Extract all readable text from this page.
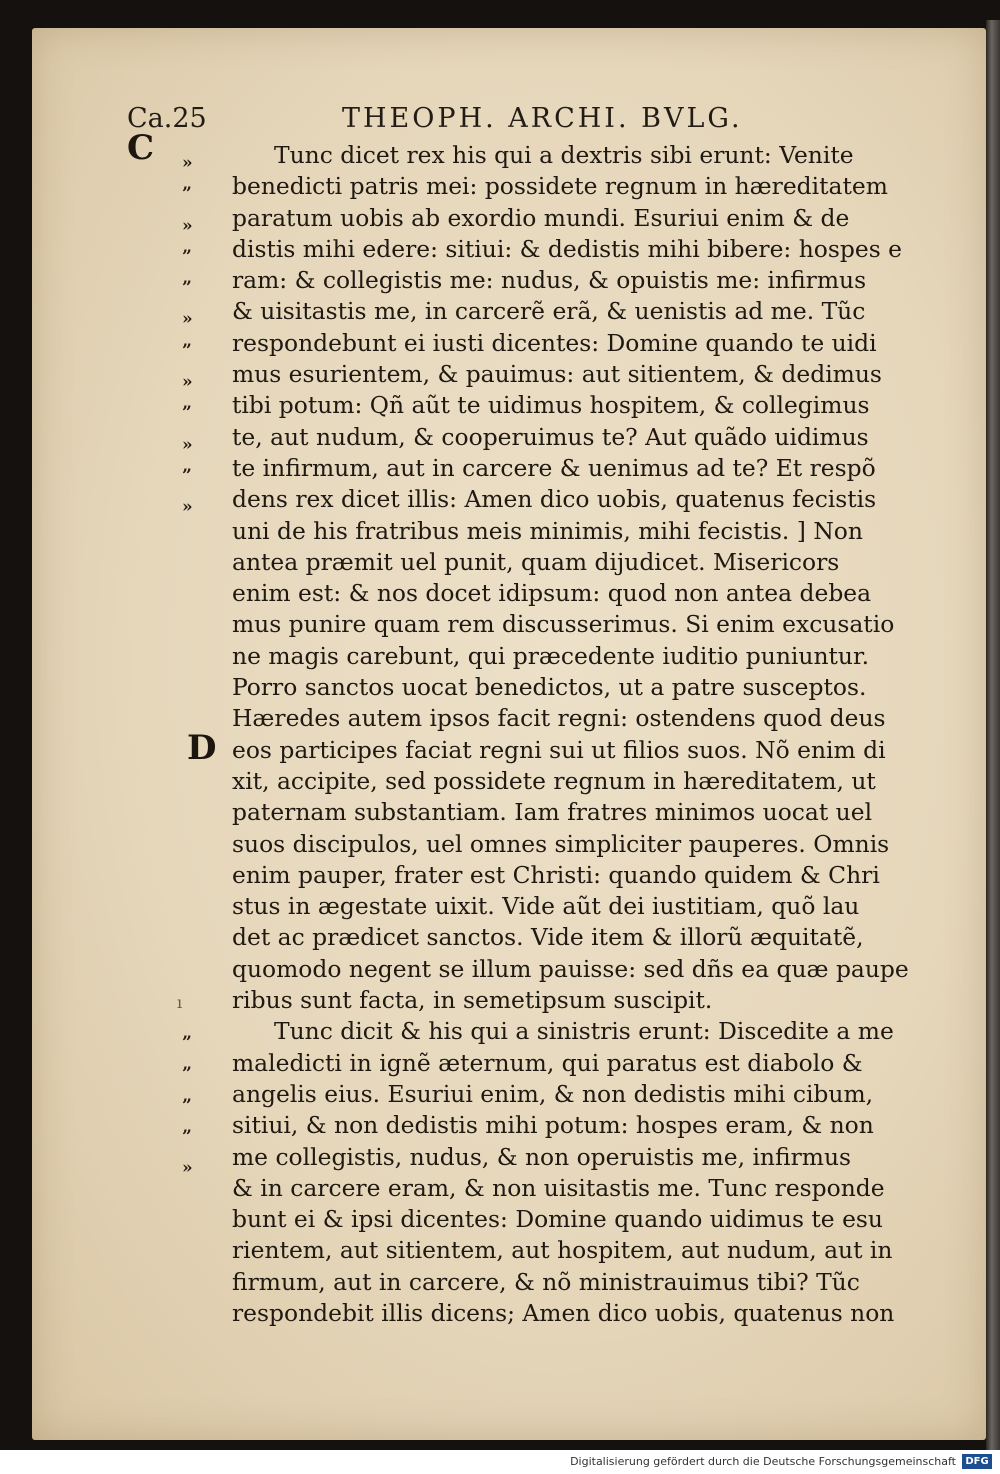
Ca.25	THEOPH. ARCHI. BVLG.
C
D
»
”
»
”
”
»
”
»
”
»
”
»
ı
”
”
”
”
»
Tunc dicet rex his qui a dextris sibi erunt: Venite
benedicti patris mei: possidete regnum in hæreditatem
paratum uobis ab exordio mundi. Esuriui enim & de
distis mihi edere: sitiui: & dedistis mihi bibere: hospes e
ram: & collegistis me: nudus, & opuistis me: infirmus
& uisitastis me, in carcerẽ erã, & uenistis ad me. Tũc
respondebunt ei iusti dicentes: Domine quando te uidi
mus esurientem, & pauimus: aut sitientem, & dedimus
tibi potum: Qñ aũt te uidimus hospitem, & collegimus
te, aut nudum, & cooperuimus te? Aut quãdo uidimus
te infirmum, aut in carcere & uenimus ad te? Et respõ
dens rex dicet illis: Amen dico uobis, quatenus fecistis
uni de his fratribus meis minimis, mihi fecistis. ] Non
antea præmit uel punit, quam dijudicet. Misericors
enim est: & nos docet idipsum: quod non antea debea
mus punire quam rem discusserimus. Si enim excusatio
ne magis carebunt, qui præcedente iuditio puniuntur.
Porro sanctos uocat benedictos, ut a patre susceptos.
Hæredes autem ipsos facit regni: ostendens quod deus
eos participes faciat regni sui ut filios suos. Nõ enim di
xit, accipite, sed possidete regnum in hæreditatem, ut
paternam substantiam. Iam fratres minimos uocat uel
suos discipulos, uel omnes simpliciter pauperes. Omnis
enim pauper, frater est Christi: quando quidem & Chri
stus in ægestate uixit. Vide aũt dei iustitiam, quõ lau
det ac prædicet sanctos. Vide item & illorũ æquitatẽ,
quomodo negent se illum pauisse: sed dñs ea quæ paupe
ribus sunt facta, in semetipsum suscipit.
Tunc dicit & his qui a sinistris erunt: Discedite a me
maledicti in ignẽ æternum, qui paratus est diabolo &
angelis eius. Esuriui enim, & non dedistis mihi cibum,
sitiui, & non dedistis mihi potum: hospes eram, & non
me collegistis, nudus, & non operuistis me, infirmus
& in carcere eram, & non uisitastis me. Tunc responde
bunt ei & ipsi dicentes: Domine quando uidimus te esu
rientem, aut sitientem, aut hospitem, aut nudum, aut in
firmum, aut in carcere, & nõ ministrauimus tibi? Tũc
respondebit illis dicens; Amen dico uobis, quatenus non
Digitalisierung gefördert durch die Deutsche Forschungsgemeinschaft DFG
